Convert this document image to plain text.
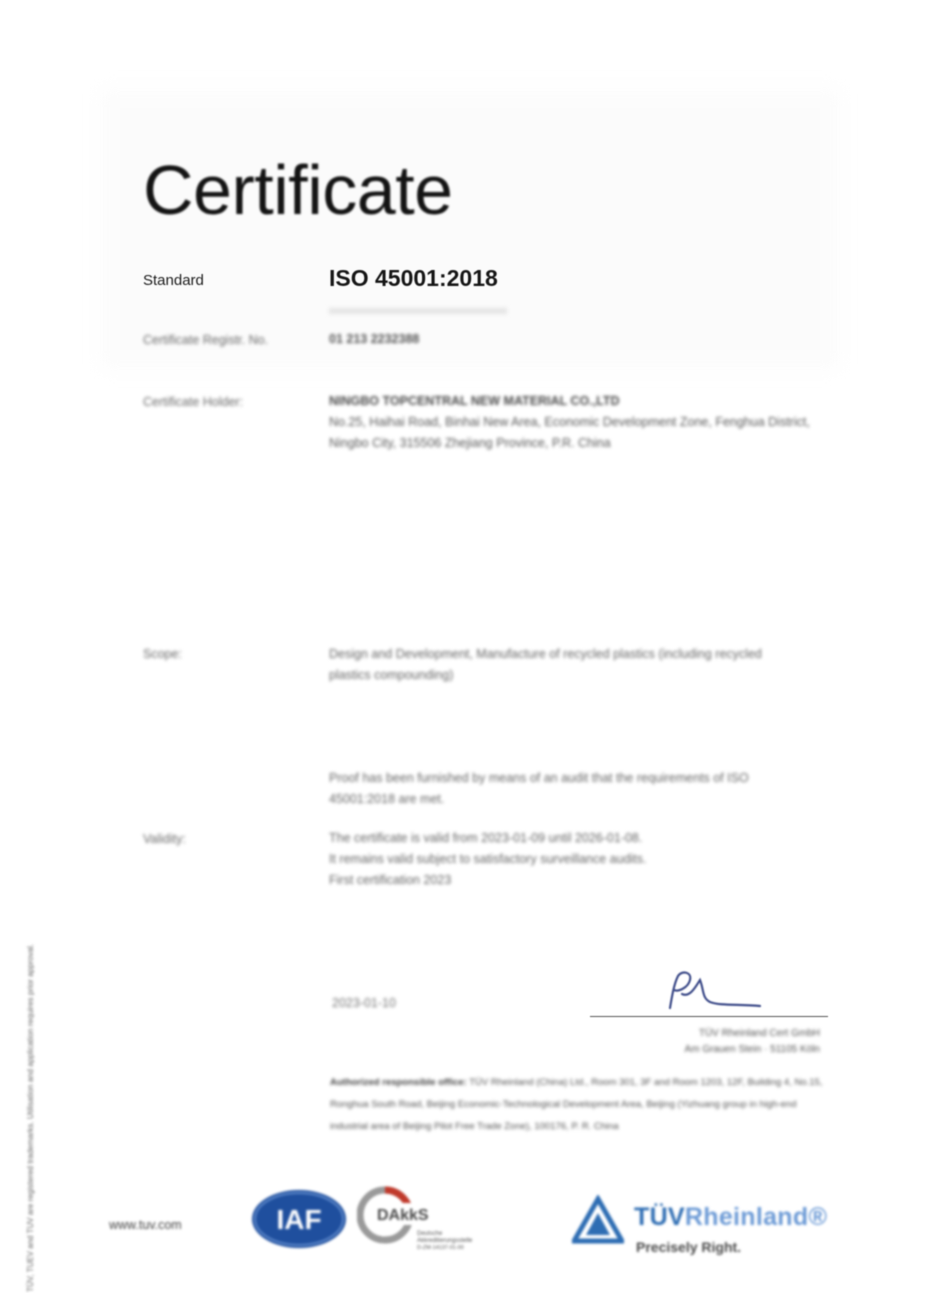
Certificate
Standard	ISO 45001:2018
Certificate Registr. No.	01 213 2232388
Certificate Holder:	NINGBO TOPCENTRAL NEW MATERIAL CO.,LTD
No.25, Haihai Road, Binhai New Area, Economic Development Zone, Fenghua District, Ningbo City, 315506 Zhejiang Province, P.R. China
Scope:	Design and Development, Manufacture of recycled plastics (including recycled plastics compounding)
Proof has been furnished by means of an audit that the requirements of ISO 45001:2018 are met.
Validity:	The certificate is valid from 2023-01-09 until 2026-01-08.
It remains valid subject to satisfactory surveillance audits.
First certification 2023
2023-01-10
TÜV Rheinland Cert GmbH
Am Grauen Stein · 51105 Köln
Authorized responsible office: TÜV Rheinland (China) Ltd., Room 301, 3F and Room 1203, 12F, Building 4, No.15, Ronghua South Road, Beijing Economic-Technological Development Area, Beijing (Yizhuang group in high-end industrial area of Beijing Pilot Free Trade Zone), 100176, P. R. China
TÜV, TUEV and TUV are registered trademarks. Utilisation and application requires prior approval.	www.tuv.com	IAF	DAkkS
Deutsche
Akkreditierungsstelle
D-ZM-14137-01-00
TÜVRheinland®
Precisely Right.
